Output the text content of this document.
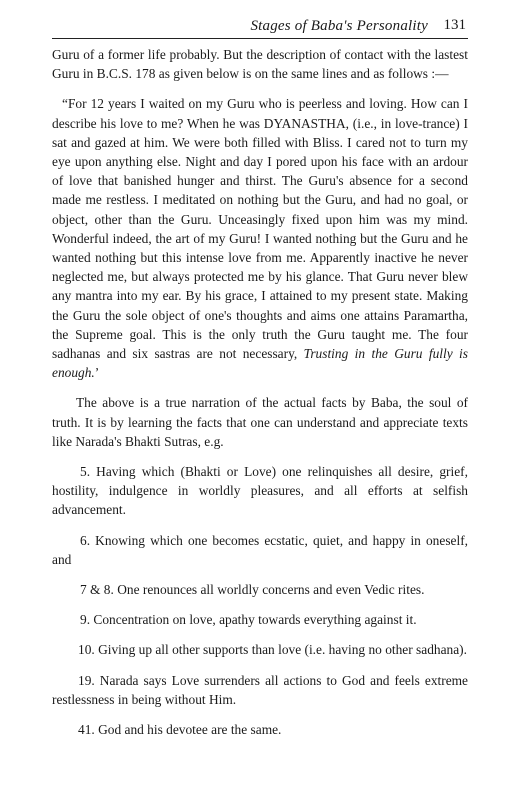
Stages of Baba's Personality 131

Guru of a former life probably. But the description of contact with the lastest Guru in B.C.S. 178 as given below is on the same lines and as follows :—

“For 12 years I waited on my Guru who is peerless and loving. How can I describe his love to me? When he was DYANASTHA, (i.e., in love-trance) I sat and gazed at him. We were both filled with Bliss. I cared not to turn my eye upon anything else. Night and day I pored upon his face with an ardour of love that banished hunger and thirst. The Guru's absence for a second made me restless. I meditated on nothing but the Guru, and had no goal, or object, other than the Guru. Unceasingly fixed upon him was my mind. Wonderful indeed, the art of my Guru! I wanted nothing but the Guru and he wanted nothing but this intense love from me. Apparently inactive he never neglected me, but always protected me by his glance. That Guru never blew any mantra into my ear. By his grace, I attained to my present state. Making the Guru the sole object of one's thoughts and aims one attains Paramartha, the Supreme goal. This is the only truth the Guru taught me. The four sadhanas and six sastras are not necessary, Trusting in the Guru fully is enough.’

The above is a true narration of the actual facts by Baba, the soul of truth. It is by learning the facts that one can understand and appreciate texts like Narada's Bhakti Sutras, e.g.

5. Having which (Bhakti or Love) one relinquishes all desire, grief, hostility, indulgence in worldly pleasures, and all efforts at selfish advancement.

6. Knowing which one becomes ecstatic, quiet, and happy in oneself, and

7 & 8. One renounces all worldly concerns and even Vedic rites.

9. Concentration on love, apathy towards everything against it.

10. Giving up all other supports than love (i.e. having no other sadhana).

19. Narada says Love surrenders all actions to God and feels extreme restlessness in being without Him.

41. God and his devotee are the same.
